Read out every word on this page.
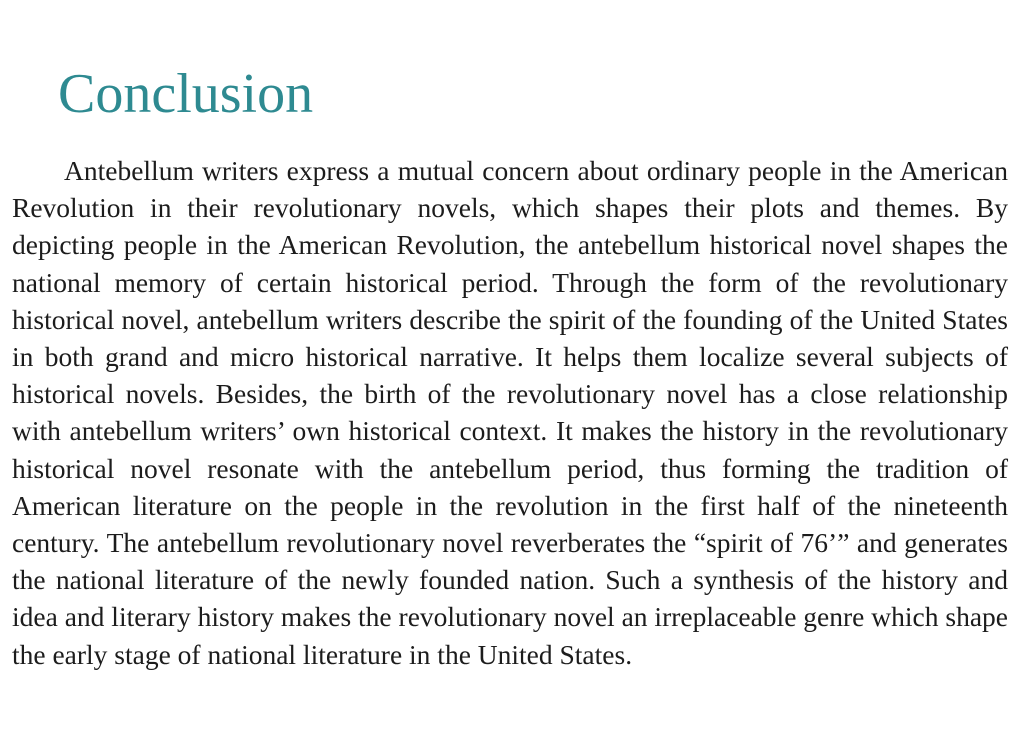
Conclusion

Antebellum writers express a mutual concern about ordinary people in the American Revolution in their revolutionary novels, which shapes their plots and themes. By depicting people in the American Revolution, the antebellum historical novel shapes the national memory of certain historical period. Through the form of the revolutionary historical novel, antebellum writers describe the spirit of the founding of the United States in both grand and micro historical narrative. It helps them localize several subjects of historical novels. Besides, the birth of the revolutionary novel has a close relationship with antebellum writers’ own historical context. It makes the history in the revolutionary historical novel resonate with the antebellum period, thus forming the tradition of American literature on the people in the revolution in the first half of the nineteenth century. The antebellum revolutionary novel reverberates the “spirit of 76’” and generates the national literature of the newly founded nation. Such a synthesis of the history and idea and literary history makes the revolutionary novel an irreplaceable genre which shape the early stage of national literature in the United States.
